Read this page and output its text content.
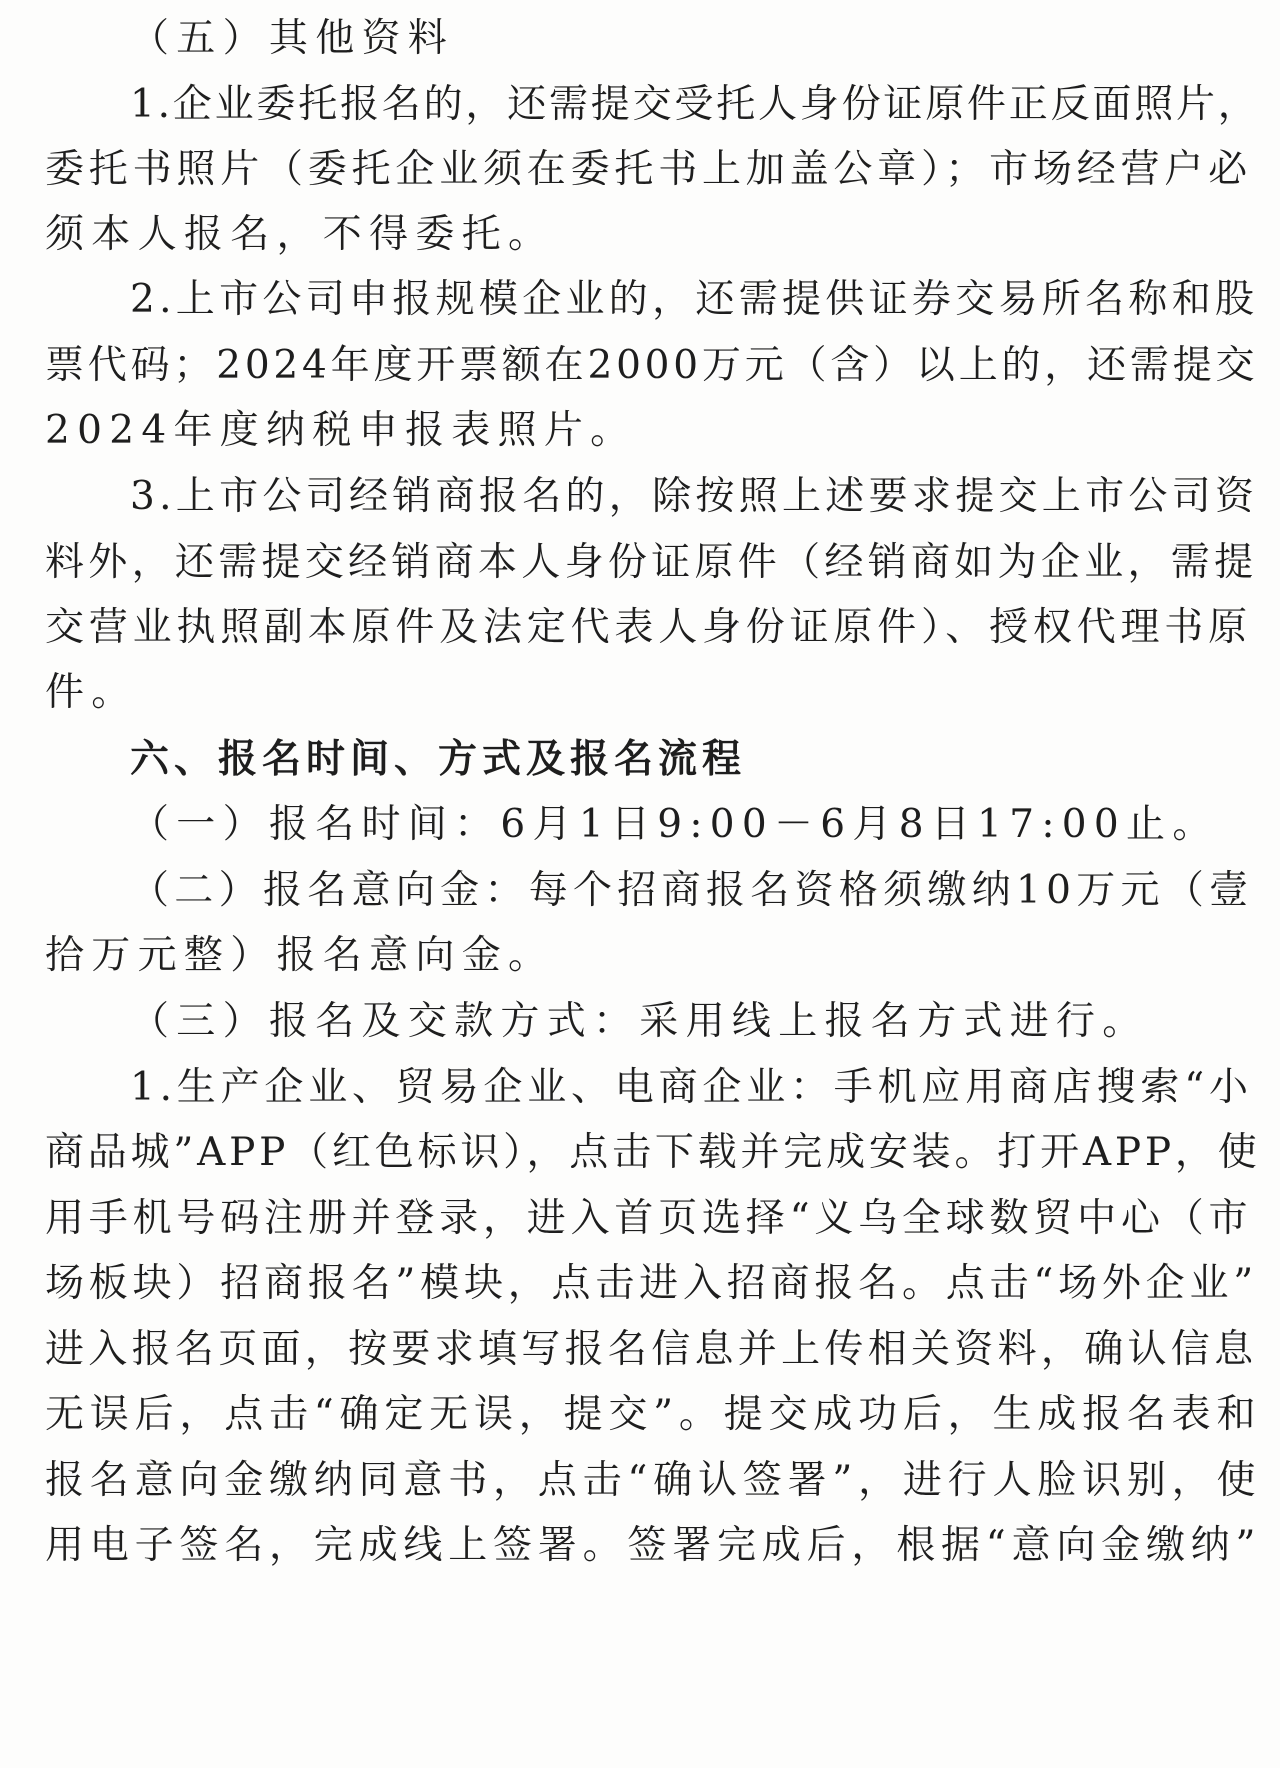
（五）其他资料
1.企业委托报名的，还需提交受托人身份证原件正反面照片，
委托书照片（委托企业须在委托书上加盖公章）；市场经营户必
须本人报名，不得委托。
2.上市公司申报规模企业的，还需提供证券交易所名称和股
票代码；2024年度开票额在2000万元（含）以上的，还需提交
2024年度纳税申报表照片。
3.上市公司经销商报名的，除按照上述要求提交上市公司资
料外，还需提交经销商本人身份证原件（经销商如为企业，需提
交营业执照副本原件及法定代表人身份证原件）、授权代理书原
件。
六、报名时间、方式及报名流程
（一）报名时间：6月1日9:00－6月8日17:00止。
（二）报名意向金：每个招商报名资格须缴纳10万元（壹
拾万元整）报名意向金。
（三）报名及交款方式：采用线上报名方式进行。
1.生产企业、贸易企业、电商企业：手机应用商店搜索“小
商品城”APP（红色标识），点击下载并完成安装。打开APP，使
用手机号码注册并登录，进入首页选择“义乌全球数贸中心（市
场板块）招商报名”模块，点击进入招商报名。点击“场外企业”
进入报名页面，按要求填写报名信息并上传相关资料，确认信息
无误后，点击“确定无误，提交”。提交成功后，生成报名表和
报名意向金缴纳同意书，点击“确认签署”，进行人脸识别，使
用电子签名，完成线上签署。签署完成后，根据“意向金缴纳”
